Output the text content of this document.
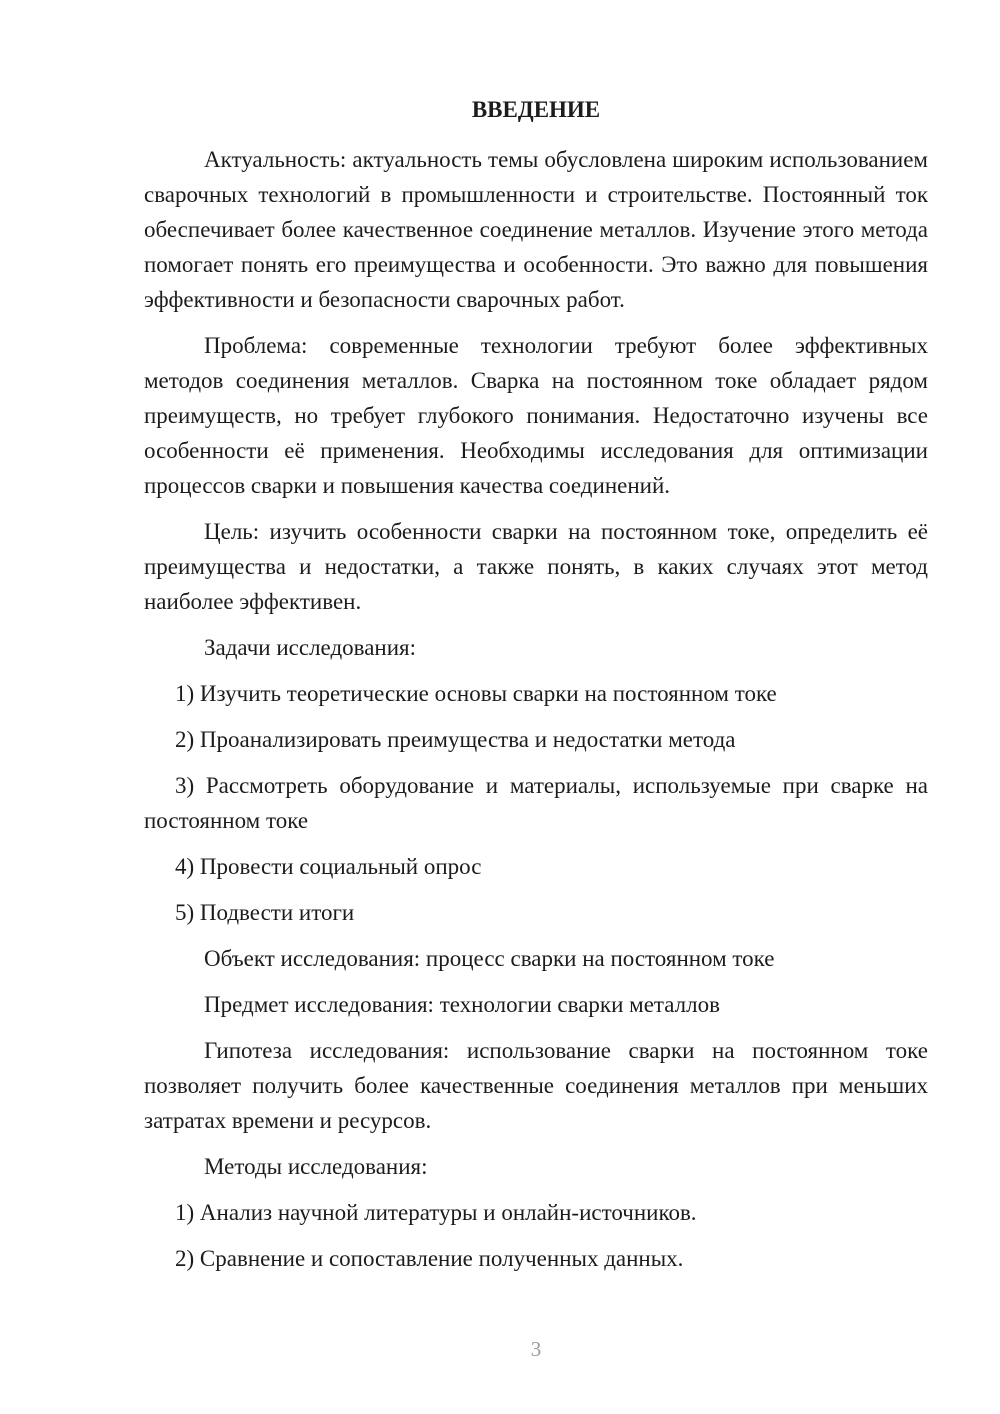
ВВЕДЕНИЕ

Актуальность: актуальность темы обусловлена широким использованием сварочных технологий в промышленности и строительстве. Постоянный ток обеспечивает более качественное соединение металлов. Изучение этого метода помогает понять его преимущества и особенности. Это важно для повышения эффективности и безопасности сварочных работ.

Проблема: современные технологии требуют более эффективных методов соединения металлов. Сварка на постоянном токе обладает рядом преимуществ, но требует глубокого понимания. Недостаточно изучены все особенности её применения. Необходимы исследования для оптимизации процессов сварки и повышения качества соединений.

Цель: изучить особенности сварки на постоянном токе, определить её преимущества и недостатки, а также понять, в каких случаях этот метод наиболее эффективен.

Задачи исследования:

1) Изучить теоретические основы сварки на постоянном токе

2) Проанализировать преимущества и недостатки метода

3) Рассмотреть оборудование и материалы, используемые при сварке на постоянном токе

4) Провести социальный опрос

5) Подвести итоги

Объект исследования: процесс сварки на постоянном токе

Предмет исследования: технологии сварки металлов

Гипотеза исследования: использование сварки на постоянном токе позволяет получить более качественные соединения металлов при меньших затратах времени и ресурсов.

Методы исследования:

1) Анализ научной литературы и онлайн-источников.

2) Сравнение и сопоставление полученных данных.

3
